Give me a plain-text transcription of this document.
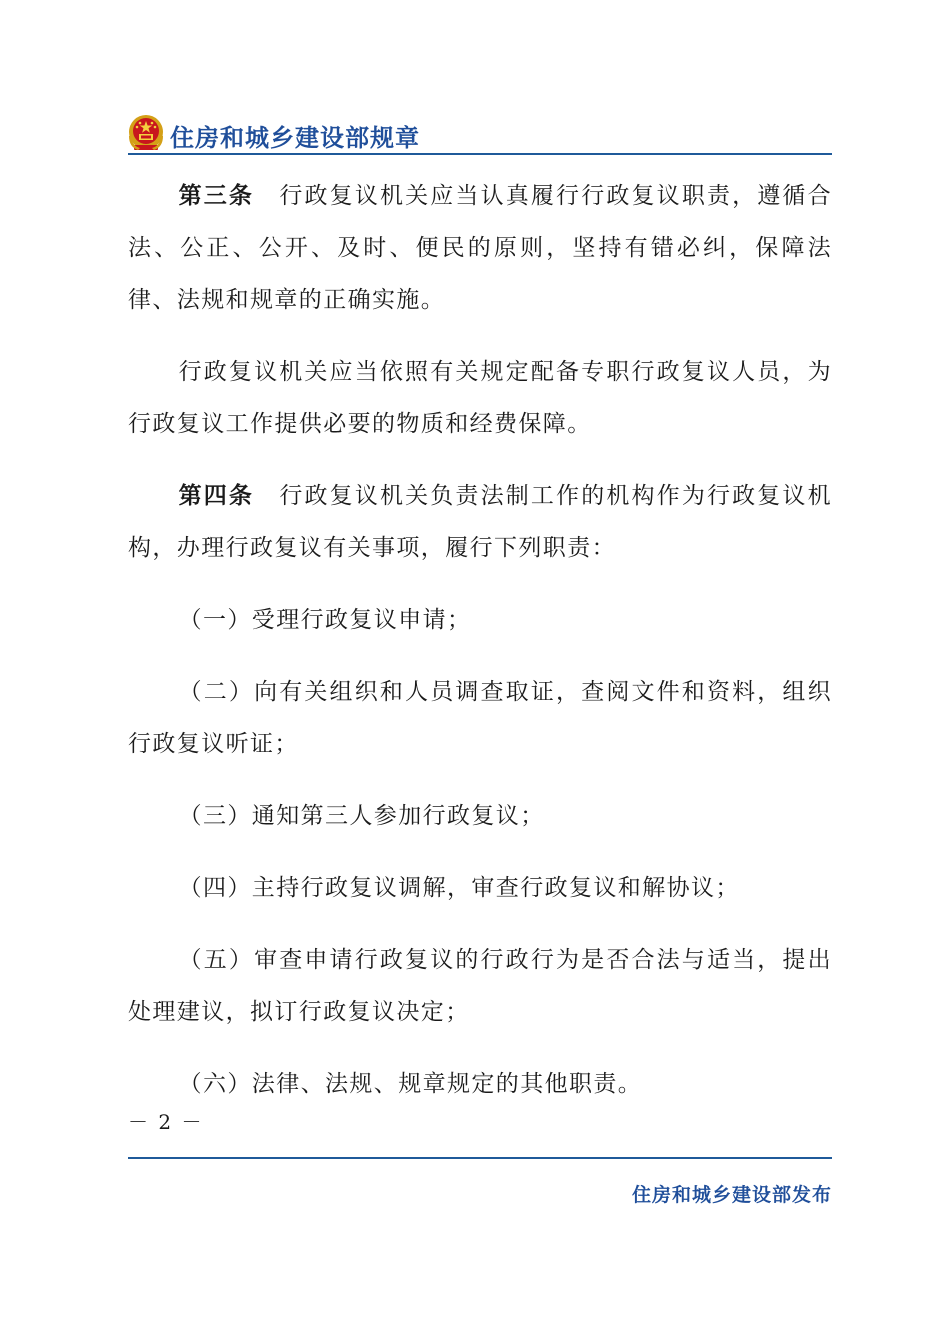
住房和城乡建设部规章

第三条 行政复议机关应当认真履行行政复议职责，遵循合法、公正、公开、及时、便民的原则，坚持有错必纠，保障法律、法规和规章的正确实施。

行政复议机关应当依照有关规定配备专职行政复议人员，为行政复议工作提供必要的物质和经费保障。

第四条 行政复议机关负责法制工作的机构作为行政复议机构，办理行政复议有关事项，履行下列职责：

（一）受理行政复议申请；

（二）向有关组织和人员调查取证，查阅文件和资料，组织行政复议听证；

（三）通知第三人参加行政复议；

（四）主持行政复议调解，审查行政复议和解协议；

（五）审查申请行政复议的行政行为是否合法与适当，提出处理建议，拟订行政复议决定；

（六）法律、法规、规章规定的其他职责。

－ 2 －
住房和城乡建设部发布
